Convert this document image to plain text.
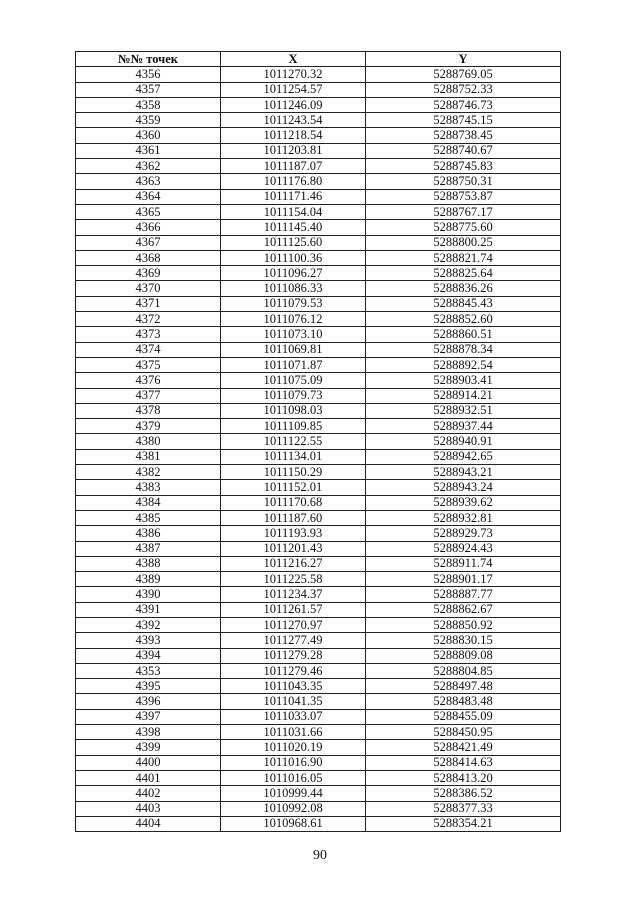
№№ точек	X	Y
4356	1011270.32	5288769.05
4357	1011254.57	5288752.33
4358	1011246.09	5288746.73
4359	1011243.54	5288745.15
4360	1011218.54	5288738.45
4361	1011203.81	5288740.67
4362	1011187.07	5288745.83
4363	1011176.80	5288750.31
4364	1011171.46	5288753.87
4365	1011154.04	5288767.17
4366	1011145.40	5288775.60
4367	1011125.60	5288800.25
4368	1011100.36	5288821.74
4369	1011096.27	5288825.64
4370	1011086.33	5288836.26
4371	1011079.53	5288845.43
4372	1011076.12	5288852.60
4373	1011073.10	5288860.51
4374	1011069.81	5288878.34
4375	1011071.87	5288892.54
4376	1011075.09	5288903.41
4377	1011079.73	5288914.21
4378	1011098.03	5288932.51
4379	1011109.85	5288937.44
4380	1011122.55	5288940.91
4381	1011134.01	5288942.65
4382	1011150.29	5288943.21
4383	1011152.01	5288943.24
4384	1011170.68	5288939.62
4385	1011187.60	5288932.81
4386	1011193.93	5288929.73
4387	1011201.43	5288924.43
4388	1011216.27	5288911.74
4389	1011225.58	5288901.17
4390	1011234.37	5288887.77
4391	1011261.57	5288862.67
4392	1011270.97	5288850.92
4393	1011277.49	5288830.15
4394	1011279.28	5288809.08
4353	1011279.46	5288804.85
4395	1011043.35	5288497.48
4396	1011041.35	5288483.48
4397	1011033.07	5288455.09
4398	1011031.66	5288450.95
4399	1011020.19	5288421.49
4400	1011016.90	5288414.63
4401	1011016.05	5288413.20
4402	1010999.44	5288386.52
4403	1010992.08	5288377.33
4404	1010968.61	5288354.21
90
